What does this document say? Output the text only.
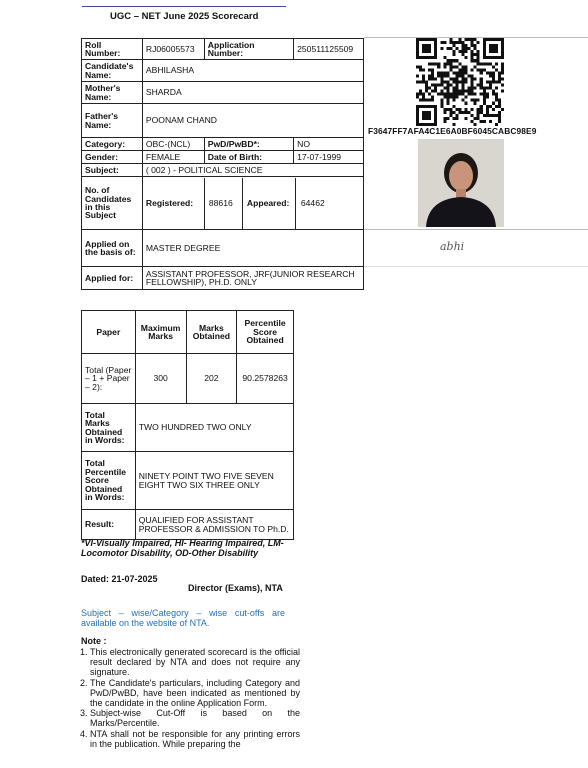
UGC – NET June 2025 Scorecard
Roll Number:	RJ06005573	Application Number:	250511125509
Candidate's Name:	ABHILASHA		
Mother's Name:	SHARDA		
Father's Name:	POONAM CHAND		
Category:	OBC-(NCL)	PwD/PwBD*:	NO
Gender:	FEMALE	Date of Birth:	17-07-1999
Subject:	( 002 ) - POLITICAL SCIENCE		
No. of Candidates in this Subject	Registered: 88616 Appeared: 64462		

Applied on the basis of:	MASTER DEGREE		
Applied for:	ASSISTANT PROFESSOR, JRF(JUNIOR RESEARCH FELLOWSHIP), PH.D. ONLY		
F3647FF7AFA4C1E6A0BF6045CABC98E9
abhi
Paper	Maximum Marks	Marks Obtained	Percentile Score Obtained
Total (Paper – 1 + Paper – 2):	300	202	90.2578263
Total Marks Obtained in Words:	TWO HUNDRED TWO ONLY		
Total Percentile Score Obtained in Words:	NINETY POINT TWO FIVE SEVEN EIGHT TWO SIX THREE ONLY		
Result:	QUALIFIED FOR ASSISTANT PROFESSOR & ADMISSION TO Ph.D.		
*VI-Visually Impaired, HI- Hearing Impaired, LM-Locomotor Disability, OD-Other Disability
Dated: 21-07-2025
Director (Exams), NTA
Subject – wise/Category – wise cut-offs are available on the website of NTA.
Note :
1. This electronically generated scorecard is the official result declared by NTA and does not require any signature.
2. The Candidate's particulars, including Category and PwD/PwBD, have been indicated as mentioned by the candidate in the online Application Form.
3. Subject-wise Cut-Off is based on the Marks/Percentile.
4. NTA shall not be responsible for any printing errors in the publication. While preparing the
